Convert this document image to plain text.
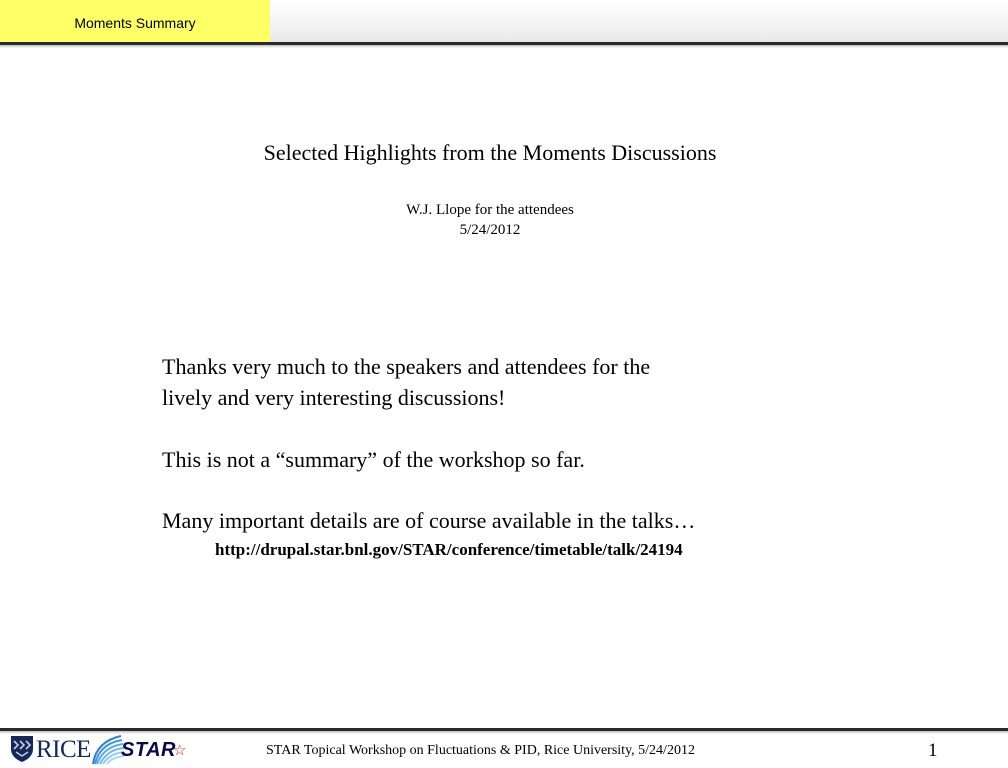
Moments Summary
Selected Highlights from the Moments Discussions
W.J. Llope for the attendees
5/24/2012
Thanks very much to the speakers and attendees for the
lively and very interesting discussions!
This is not a “summary” of the workshop so far.
Many important details are of course available in the talks…
http://drupal.star.bnl.gov/STAR/conference/timetable/talk/24194
RICE STAR
☆	STAR Topical Workshop on Fluctuations & PID, Rice University, 5/24/2012	1
